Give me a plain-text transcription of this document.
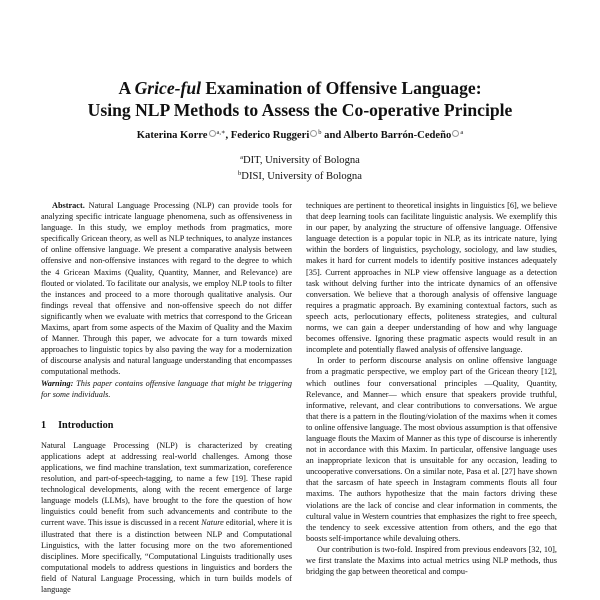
A Grice-ful Examination of Offensive Language:
Using NLP Methods to Assess the Co-operative Principle
Katerina Korre $^{a,∗}$, Federico Ruggeri $^b$ and Alberto Barrón-Cedeño $^a$
$^a$DIT, University of Bologna
$^b$DISI, University of Bologna

Abstract. Natural Language Processing (NLP) can provide tools for analyzing specific intricate language phenomena, such as offensiveness in language. In this study, we employ methods from pragmatics, more specifically Gricean theory, as well as NLP techniques, to analyze instances of online offensive language. We present a comparative analysis between offensive and non-offensive instances with regard to the degree to which the 4 Gricean Maxims (Quality, Quantity, Manner, and Relevance) are flouted or violated. To facilitate our analysis, we employ NLP tools to filter the instances and proceed to a more thorough qualitative analysis. Our findings reveal that offensive and non-offensive speech do not differ significantly when we evaluate with metrics that correspond to the Gricean Maxims, apart from some aspects of the Maxim of Quality and the Maxim of Manner. Through this paper, we advocate for a turn towards mixed approaches to linguistic topics by also paving the way for a modernization of discourse analysis and natural language understanding that encompasses computational methods.

Warning: This paper contains offensive language that might be triggering for some individuals.

1 Introduction

Natural Language Processing (NLP) is characterized by creating applications adept at addressing real-world challenges. Among those applications, we find machine translation, text summarization, coreference resolution, and part-of-speech-tagging, to name a few [19]. These rapid technological developments, along with the recent emergence of large language models (LLMs), have brought to the fore the question of how linguistics could benefit from such advancements and contribute to the current wave. This issue is discussed in a recent Nature editorial, where it is illustrated that there is a distinction between NLP and Computational Linguistics, with the latter focusing more on the two aforementioned disciplines. More specifically, “Computational Linguists traditionally uses computational models to address questions in linguistics and borders the field of Natural Language Processing, which in turn builds models of language

techniques are pertinent to theoretical insights in linguistics [6], we believe that deep learning tools can facilitate linguistic analysis. We exemplify this in our paper, by analyzing the structure of offensive language. Offensive language detection is a popular topic in NLP, as its intricate nature, lying within the borders of linguistics, psychology, sociology, and law studies, makes it hard for current models to identify positive instances adequately [35]. Current approaches in NLP view offensive language as a detection task without delving further into the intricate dynamics of an offensive conversation. We believe that a thorough analysis of offensive language requires a pragmatic approach. By examining contextual factors, such as speech acts, perlocutionary effects, politeness strategies, and cultural norms, we can gain a deeper understanding of how and why language becomes offensive. Ignoring these pragmatic aspects would result in an incomplete and potentially flawed analysis of offensive language.

In order to perform discourse analysis on online offensive language from a pragmatic perspective, we employ part of the Gricean theory [12], which outlines four conversational principles —Quality, Quantity, Relevance, and Manner— which ensure that speakers provide truthful, informative, relevant, and clear contributions to conversations. We argue that there is a pattern in the flouting/violation of the maxims when it comes to online offensive language. The most obvious assumption is that offensive language flouts the Maxim of Manner as this type of discourse is inherently not in accordance with this Maxim. In particular, offensive language uses an inappropriate lexicon that is unsuitable for any occasion, leading to uncooperative conversations. On a similar note, Pasa et al. [27] have shown that the sarcasm of hate speech in Instagram comments flouts all four maxims. The authors hypothesize that the main factors driving these violations are the lack of concise and clear information in comments, the cultural value in Western countries that emphasizes the right to free speech, the tendency to seek excessive attention from others, and the ego that boosts self-importance while devaluing others.

Our contribution is two-fold. Inspired from previous endeavors [32, 10], we first translate the Maxims into actual metrics using NLP methods, thus bridging the gap between theoretical and compu-
